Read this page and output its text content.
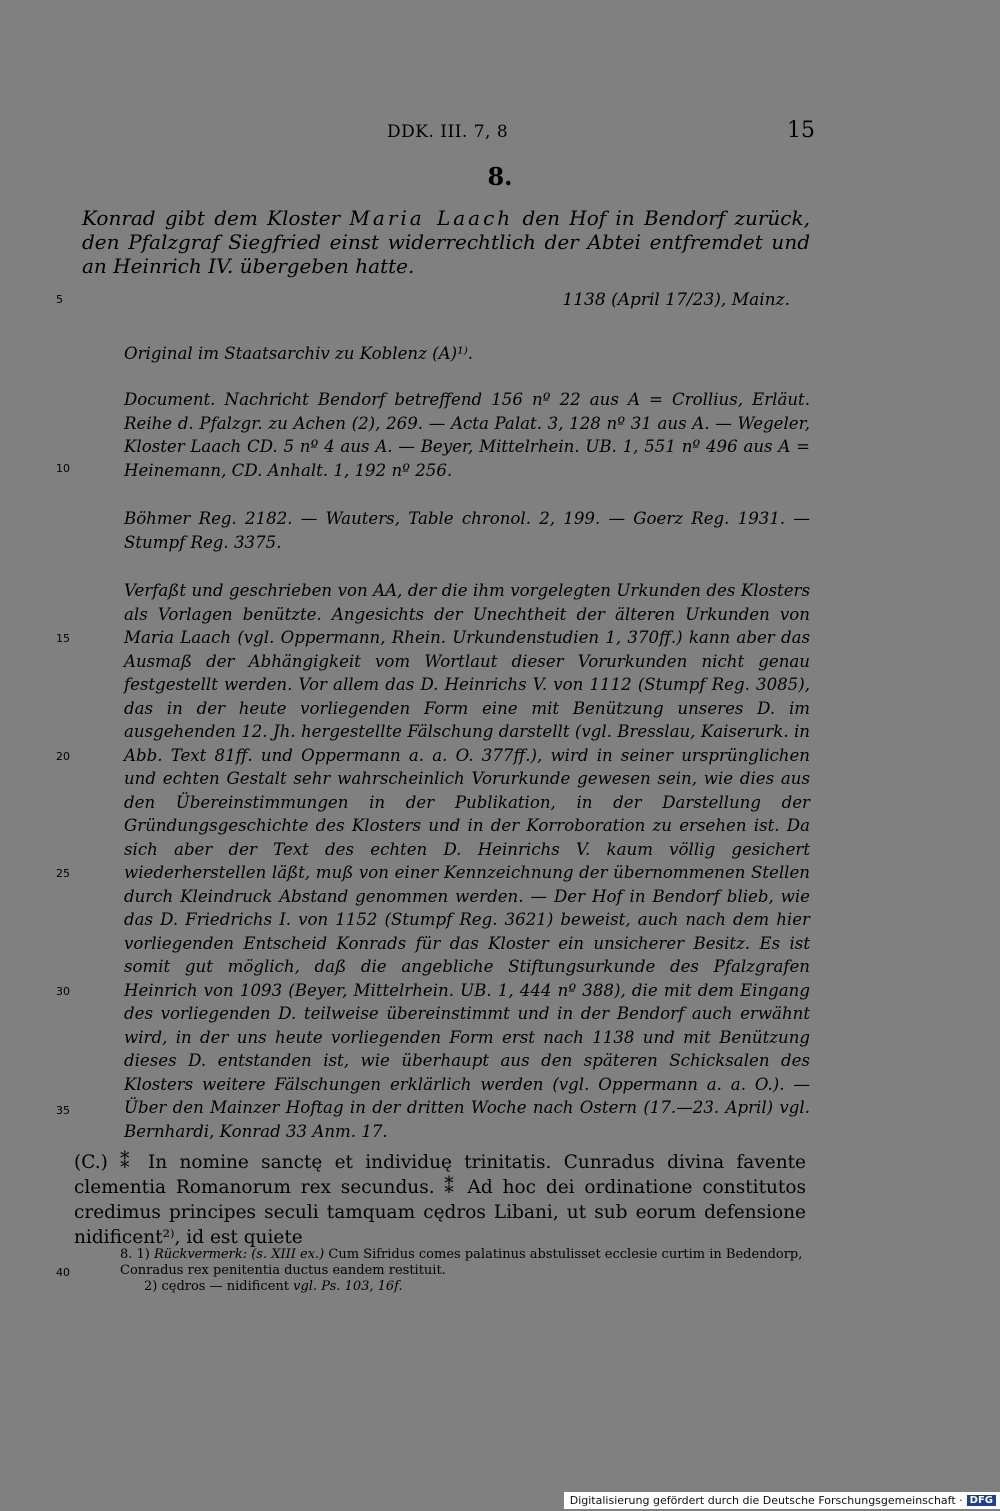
DDK. III. 7, 8	15
8.
Konrad gibt dem Kloster Maria Laach den Hof in Bendorf zurück, den Pfalzgraf Siegfried einst widerrechtlich der Abtei entfremdet und an Heinrich IV. übergeben hatte.
5	1138 (April 17/23), Mainz.
Original im Staatsarchiv zu Koblenz (A)¹⁾.
Document. Nachricht Bendorf betreffend 156 nº 22 aus A = Crollius, Erläut. Reihe d. Pfalzgr. zu Achen (2), 269. — Acta Palat. 3, 128 nº 31 aus A. — Wegeler, Kloster Laach CD. 5 nº 4 aus A. — Beyer, Mittelrhein. UB. 1, 551 nº 496 aus A = Heinemann, CD. Anhalt. 1, 192 nº 256.
10
Böhmer Reg. 2182. — Wauters, Table chronol. 2, 199. — Goerz Reg. 1931. — Stumpf Reg. 3375.
Verfaßt und geschrieben von AA, der die ihm vorgelegten Urkunden des Klosters als Vorlagen benützte. Angesichts der Unechtheit der älteren Urkunden von Maria Laach (vgl. Oppermann, Rhein. Urkundenstudien 1, 370ff.) kann aber das Ausmaß der Abhängigkeit vom Wortlaut dieser Vorurkunden nicht genau festgestellt werden. Vor allem das D. Heinrichs V. von 1112 (Stumpf Reg. 3085), das in der heute vorliegenden Form eine mit Benützung unseres D. im ausgehenden 12. Jh. hergestellte Fälschung darstellt (vgl. Bresslau, Kaiserurk. in Abb. Text 81ff. und Oppermann a. a. O. 377ff.), wird in seiner ursprünglichen und echten Gestalt sehr wahrscheinlich Vorurkunde gewesen sein, wie dies aus den Übereinstimmungen in der Publikation, in der Darstellung der Gründungsgeschichte des Klosters und in der Korroboration zu ersehen ist. Da sich aber der Text des echten D. Heinrichs V. kaum völlig gesichert wiederherstellen läßt, muß von einer Kennzeichnung der übernommenen Stellen durch Kleindruck Abstand genommen werden. — Der Hof in Bendorf blieb, wie das D. Friedrichs I. von 1152 (Stumpf Reg. 3621) beweist, auch nach dem hier vorliegenden Entscheid Konrads für das Kloster ein unsicherer Besitz. Es ist somit gut möglich, daß die angebliche Stiftungsurkunde des Pfalzgrafen Heinrich von 1093 (Beyer, Mittelrhein. UB. 1, 444 nº 388), die mit dem Eingang des vorliegenden D. teilweise übereinstimmt und in der Bendorf auch erwähnt wird, in der uns heute vorliegenden Form erst nach 1138 und mit Benützung dieses D. entstanden ist, wie überhaupt aus den späteren Schicksalen des Klosters weitere Fälschungen erklärlich werden (vgl. Oppermann a. a. O.). — Über den Mainzer Hoftag in der dritten Woche nach Ostern (17.—23. April) vgl. Bernhardi, Konrad 33 Anm. 17.
15
20
25
30
35
(C.) ⁑ In nomine sanctę et individuę trinitatis. Cunradus divina favente clementia Romanorum rex secundus. ⁑ Ad hoc dei ordinatione constitutos credimus principes seculi tamquam cędros Libani, ut sub eorum defensione nidificent²⁾, id est quiete

8. 1) Rückvermerk: (s. XIII ex.) Cum Sifridus comes palatinus abstulisset ecclesie curtim in Bedendorp, Conradus rex penitentia ductus eandem restituit.

2) cędros — nidificent vgl. Ps. 103, 16f.

40
Digitalisierung gefördert durch die Deutsche Forschungsgemeinschaft · DFG
